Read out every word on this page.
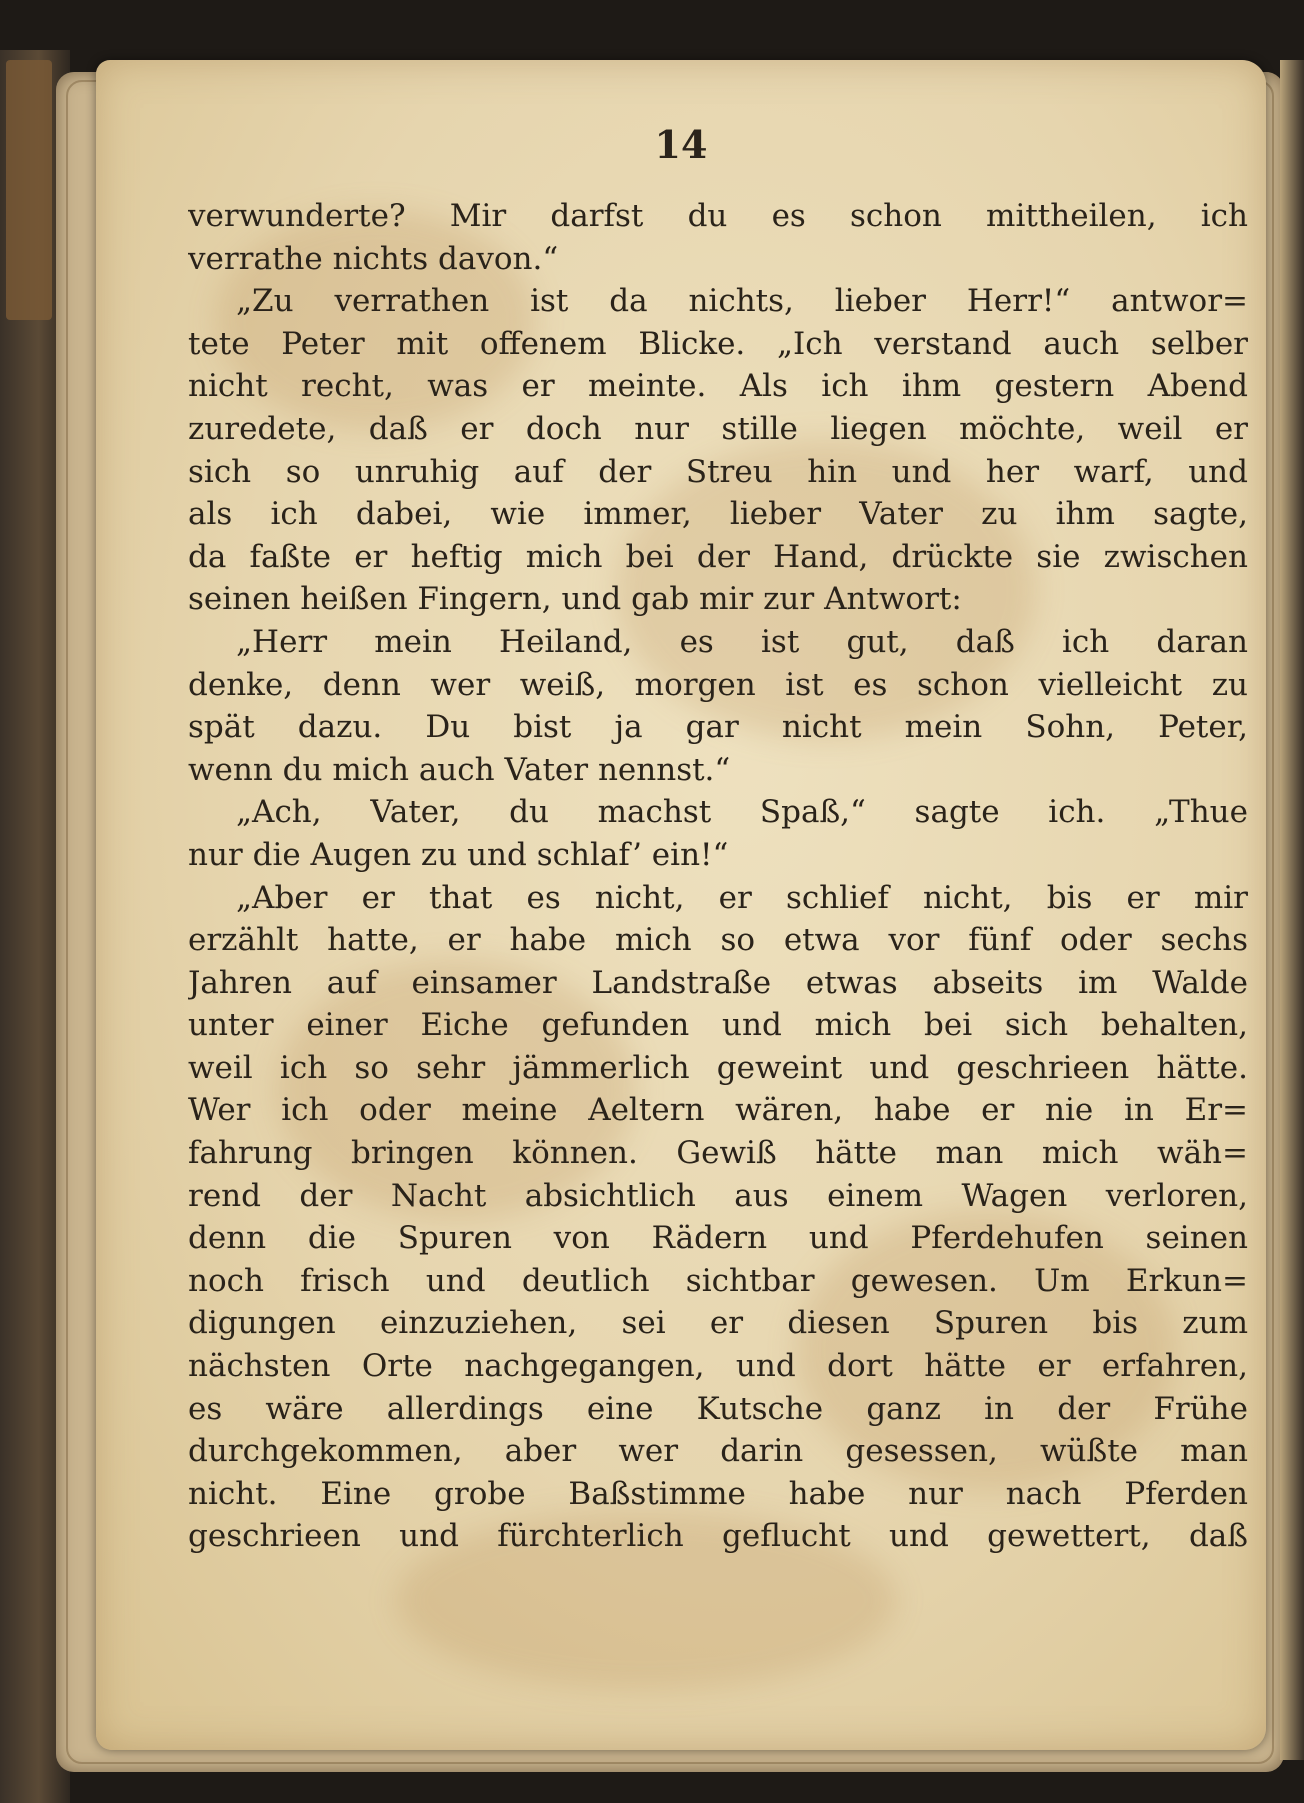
14
verwunderte? Mir darfst du es schon mittheilen, ich
verrathe nichts davon.“
„Zu verrathen ist da nichts, lieber Herr!“ antwor=
tete Peter mit offenem Blicke. „Ich verstand auch selber
nicht recht, was er meinte. Als ich ihm gestern Abend
zuredete, daß er doch nur stille liegen möchte, weil er
sich so unruhig auf der Streu hin und her warf, und
als ich dabei, wie immer, lieber Vater zu ihm sagte,
da faßte er heftig mich bei der Hand, drückte sie zwischen
seinen heißen Fingern, und gab mir zur Antwort:
„Herr mein Heiland, es ist gut, daß ich daran
denke, denn wer weiß, morgen ist es schon vielleicht zu
spät dazu. Du bist ja gar nicht mein Sohn, Peter,
wenn du mich auch Vater nennst.“
„Ach, Vater, du machst Spaß,“ sagte ich. „Thue
nur die Augen zu und schlaf’ ein!“
„Aber er that es nicht, er schlief nicht, bis er mir
erzählt hatte, er habe mich so etwa vor fünf oder sechs
Jahren auf einsamer Landstraße etwas abseits im Walde
unter einer Eiche gefunden und mich bei sich behalten,
weil ich so sehr jämmerlich geweint und geschrieen hätte.
Wer ich oder meine Aeltern wären, habe er nie in Er=
fahrung bringen können. Gewiß hätte man mich wäh=
rend der Nacht absichtlich aus einem Wagen verloren,
denn die Spuren von Rädern und Pferdehufen seinen
noch frisch und deutlich sichtbar gewesen. Um Erkun=
digungen einzuziehen, sei er diesen Spuren bis zum
nächsten Orte nachgegangen, und dort hätte er erfahren,
es wäre allerdings eine Kutsche ganz in der Frühe
durchgekommen, aber wer darin gesessen, wüßte man
nicht. Eine grobe Baßstimme habe nur nach Pferden
geschrieen und fürchterlich geflucht und gewettert, daß
